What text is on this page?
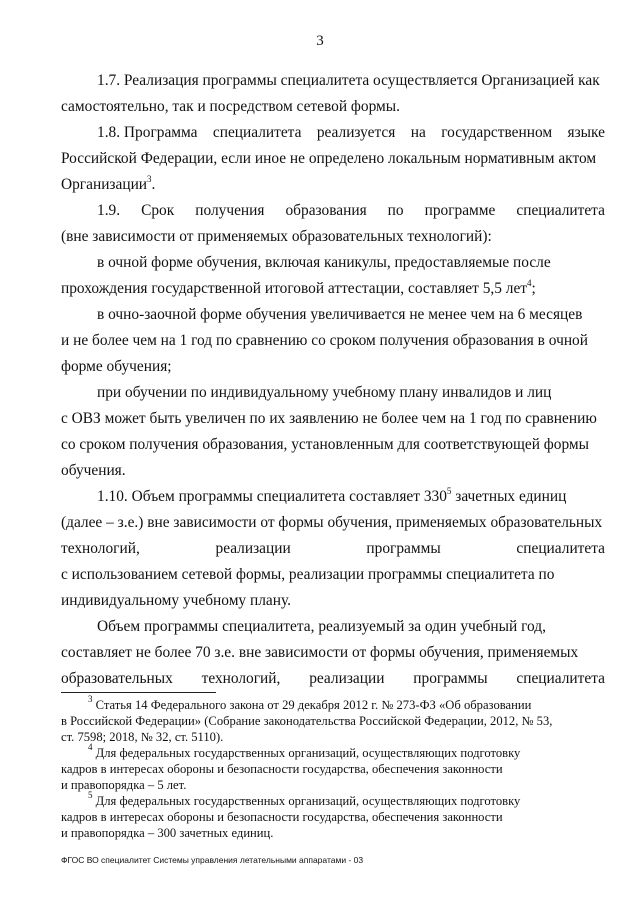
3
1.7. Реализация программы специалитета осуществляется Организацией как
самостоятельно, так и посредством сетевой формы.
1.8. Программа специалитета реализуется на государственном языке
Российской Федерации, если иное не определено локальным нормативным актом
Организации$^3$.
1.9. Срок получения образования по программе специалитета
(вне зависимости от применяемых образовательных технологий):
в очной форме обучения, включая каникулы, предоставляемые после
прохождения государственной итоговой аттестации, составляет 5,5 лет$^4$;
в очно-заочной форме обучения увеличивается не менее чем на 6 месяцев
и не более чем на 1 год по сравнению со сроком получения образования в очной
форме обучения;
при обучении по индивидуальному учебному плану инвалидов и лиц
с ОВЗ может быть увеличен по их заявлению не более чем на 1 год по сравнению
со сроком получения образования, установленным для соответствующей формы
обучения.
1.10. Объем программы специалитета составляет $330^5$ зачетных единиц
(далее – з.е.) вне зависимости от формы обучения, применяемых образовательных
технологий,	реализации	программы	специалитета
с использованием сетевой формы, реализации программы специалитета по
индивидуальному учебному плану.
Объем программы специалитета, реализуемый за один учебный год,
составляет не более 70 з.е. вне зависимости от формы обучения, применяемых
образовательных технологий, реализации программы специалитета
$^3$ Статья 14 Федерального закона от 29 декабря 2012 г. № 273-ФЗ «Об образовании
в Российской Федерации» (Собрание законодательства Российской Федерации, 2012, № 53,
ст. 7598; 2018, № 32, ст. 5110).
$^4$ Для федеральных государственных организаций, осуществляющих подготовку
кадров в интересах обороны и безопасности государства, обеспечения законности
и правопорядка – 5 лет.
$^5$ Для федеральных государственных организаций, осуществляющих подготовку
кадров в интересах обороны и безопасности государства, обеспечения законности
и правопорядка – 300 зачетных единиц.
ФГОС ВО специалитет Системы управления летательными аппаратами - 03
